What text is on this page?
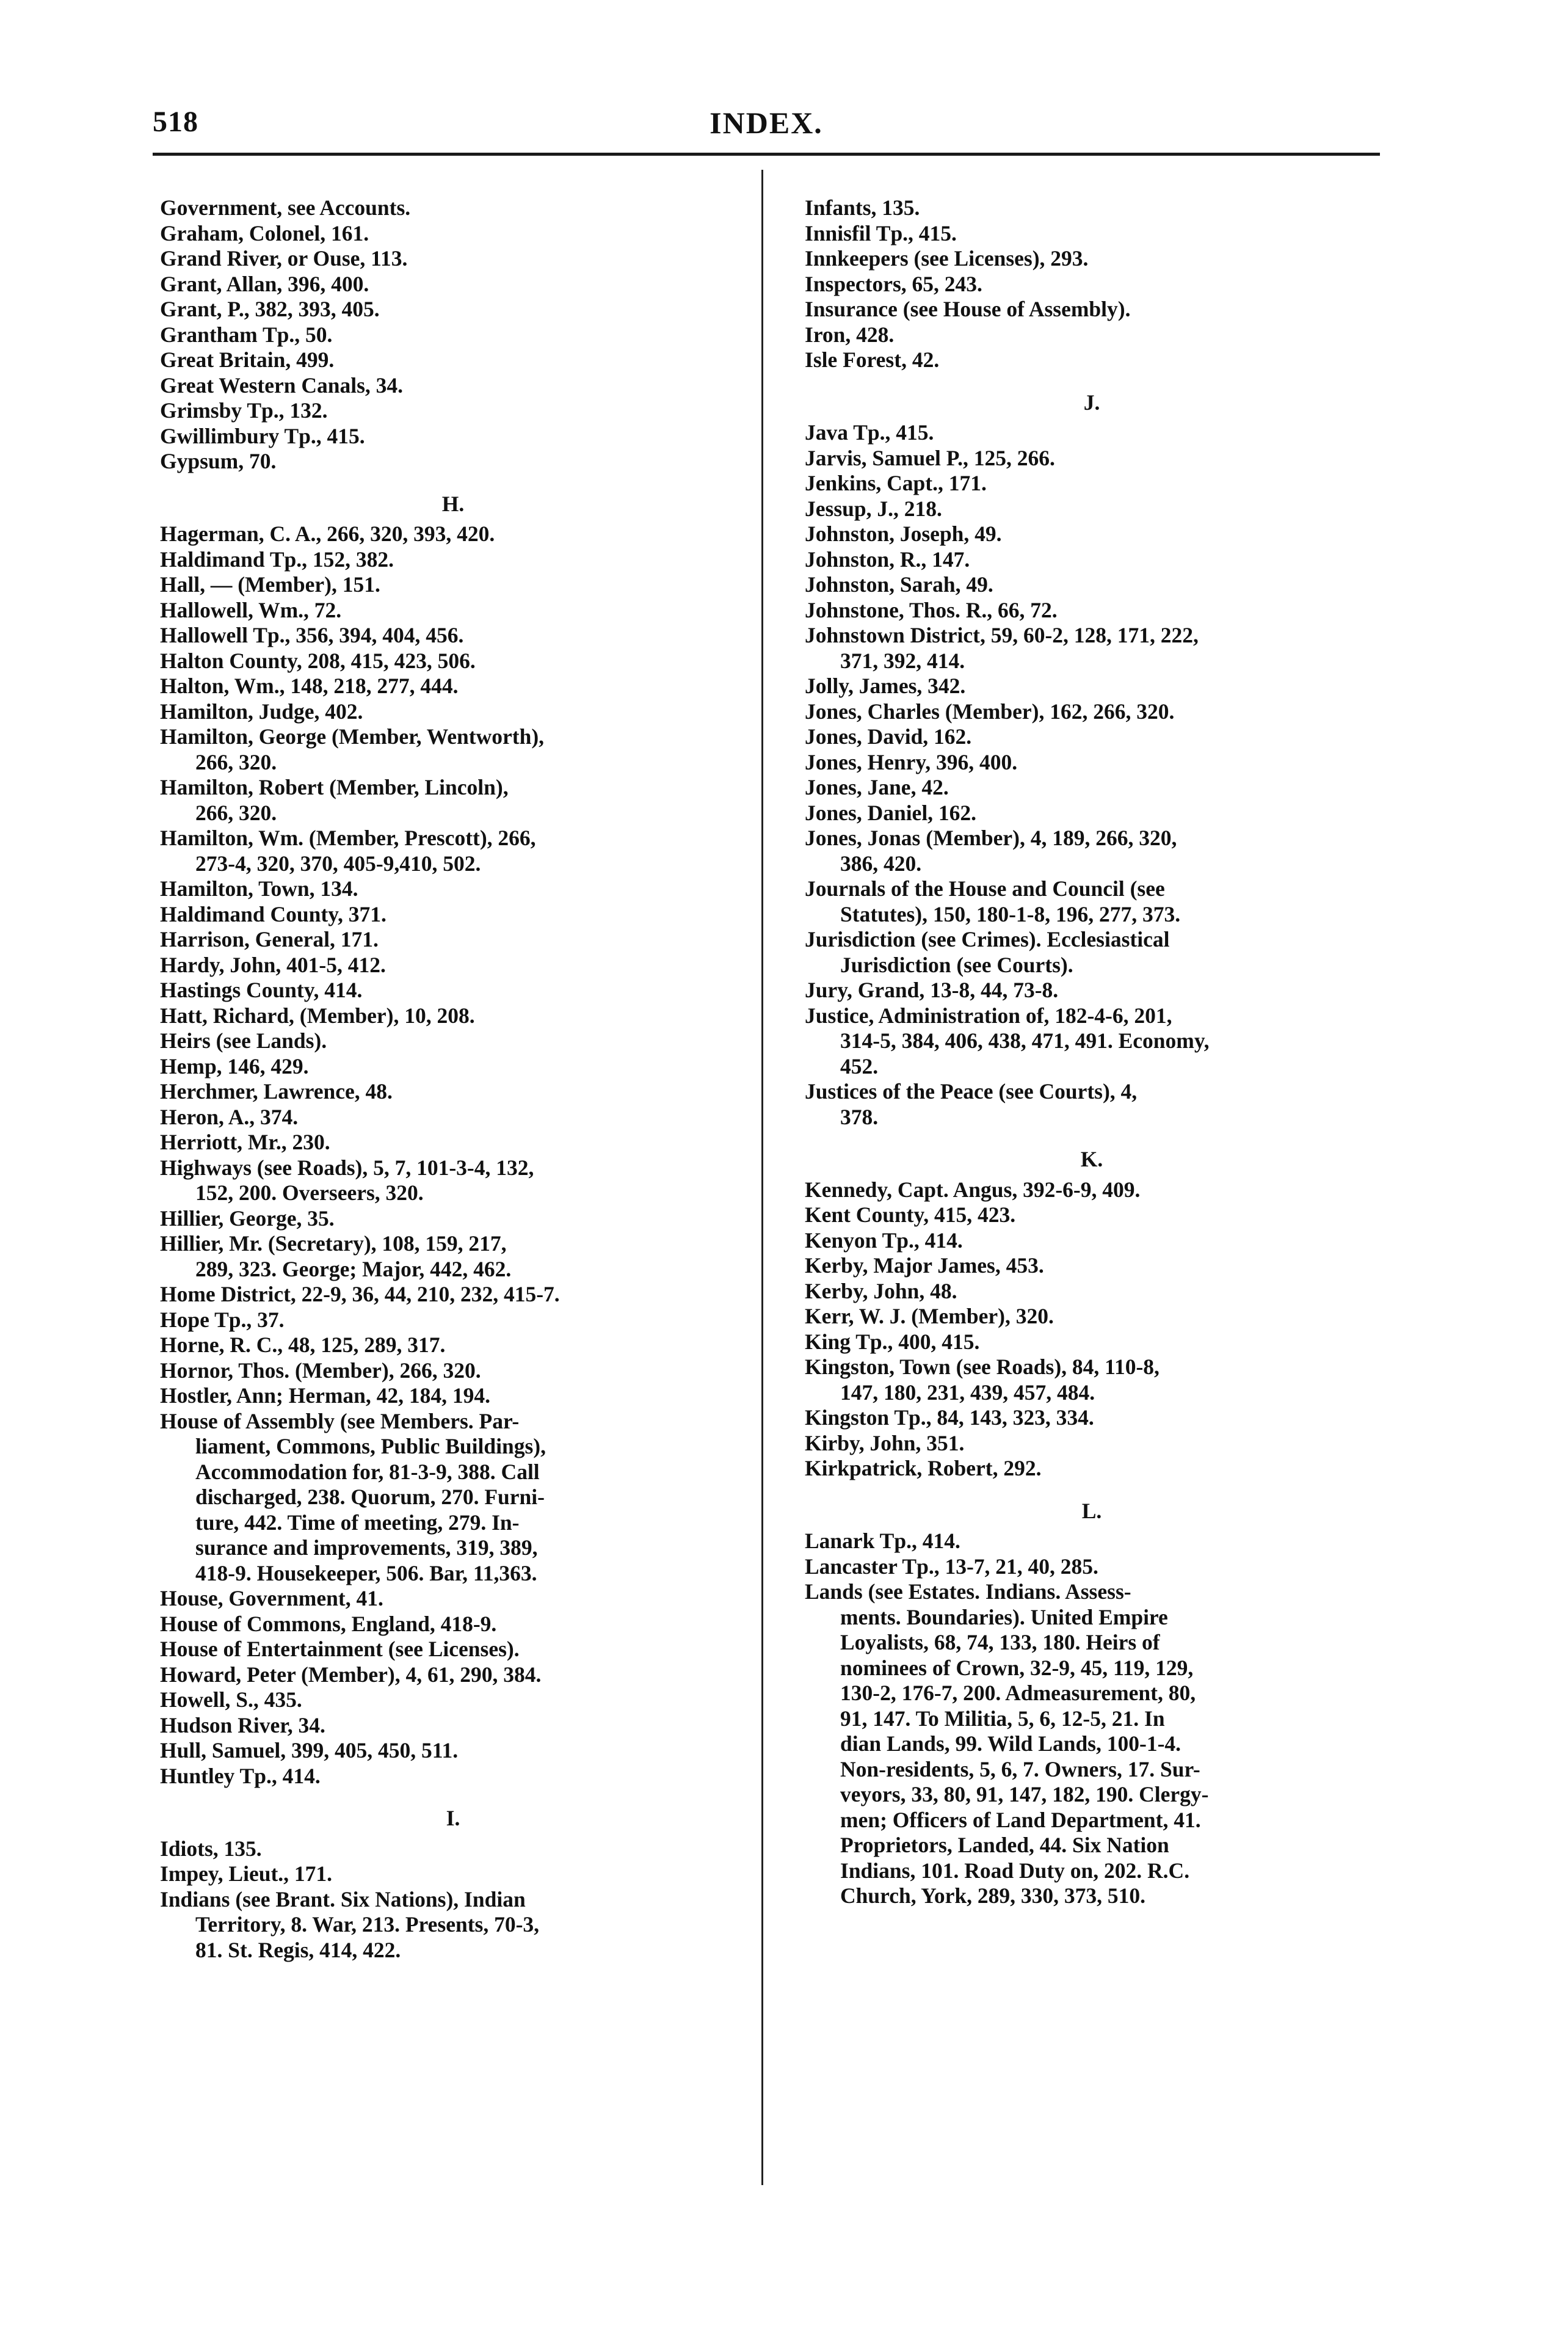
518	INDEX.
Government, see Accounts.
Graham, Colonel, 161.
Grand River, or Ouse, 113.
Grant, Allan, 396, 400.
Grant, P., 382, 393, 405.
Grantham Tp., 50.
Great Britain, 499.
Great Western Canals, 34.
Grimsby Tp., 132.
Gwillimbury Tp., 415.
Gypsum, 70.
H.
Hagerman, C. A., 266, 320, 393, 420.
Haldimand Tp., 152, 382.
Hall, — (Member), 151.
Hallowell, Wm., 72.
Hallowell Tp., 356, 394, 404, 456.
Halton County, 208, 415, 423, 506.
Halton, Wm., 148, 218, 277, 444.
Hamilton, Judge, 402.
Hamilton, George (Member, Wentworth),
266, 320.
Hamilton, Robert (Member, Lincoln),
266, 320.
Hamilton, Wm. (Member, Prescott), 266,
273-4, 320, 370, 405-9,410, 502.
Hamilton, Town, 134.
Haldimand County, 371.
Harrison, General, 171.
Hardy, John, 401-5, 412.
Hastings County, 414.
Hatt, Richard, (Member), 10, 208.
Heirs (see Lands).
Hemp, 146, 429.
Herchmer, Lawrence, 48.
Heron, A., 374.
Herriott, Mr., 230.
Highways (see Roads), 5, 7, 101-3-4, 132,
152, 200. Overseers, 320.
Hillier, George, 35.
Hillier, Mr. (Secretary), 108, 159, 217,
289, 323. George; Major, 442, 462.
Home District, 22-9, 36, 44, 210, 232, 415-7.
Hope Tp., 37.
Horne, R. C., 48, 125, 289, 317.
Hornor, Thos. (Member), 266, 320.
Hostler, Ann; Herman, 42, 184, 194.
House of Assembly (see Members. Par-
liament, Commons, Public Buildings),
Accommodation for, 81-3-9, 388. Call
discharged, 238. Quorum, 270. Furni-
ture, 442. Time of meeting, 279. In-
surance and improvements, 319, 389,
418-9. Housekeeper, 506. Bar, 11,363.
House, Government, 41.
House of Commons, England, 418-9.
House of Entertainment (see Licenses).
Howard, Peter (Member), 4, 61, 290, 384.
Howell, S., 435.
Hudson River, 34.
Hull, Samuel, 399, 405, 450, 511.
Huntley Tp., 414.
I.
Idiots, 135.
Impey, Lieut., 171.
Indians (see Brant. Six Nations), Indian
Territory, 8. War, 213. Presents, 70-3,
81. St. Regis, 414, 422.
Infants, 135.
Innisfil Tp., 415.
Innkeepers (see Licenses), 293.
Inspectors, 65, 243.
Insurance (see House of Assembly).
Iron, 428.
Isle Forest, 42.
J.
Java Tp., 415.
Jarvis, Samuel P., 125, 266.
Jenkins, Capt., 171.
Jessup, J., 218.
Johnston, Joseph, 49.
Johnston, R., 147.
Johnston, Sarah, 49.
Johnstone, Thos. R., 66, 72.
Johnstown District, 59, 60-2, 128, 171, 222,
371, 392, 414.
Jolly, James, 342.
Jones, Charles (Member), 162, 266, 320.
Jones, David, 162.
Jones, Henry, 396, 400.
Jones, Jane, 42.
Jones, Daniel, 162.
Jones, Jonas (Member), 4, 189, 266, 320,
386, 420.
Journals of the House and Council (see
Statutes), 150, 180-1-8, 196, 277, 373.
Jurisdiction (see Crimes). Ecclesiastical
Jurisdiction (see Courts).
Jury, Grand, 13-8, 44, 73-8.
Justice, Administration of, 182-4-6, 201,
314-5, 384, 406, 438, 471, 491. Economy,
452.
Justices of the Peace (see Courts), 4,
378.
K.
Kennedy, Capt. Angus, 392-6-9, 409.
Kent County, 415, 423.
Kenyon Tp., 414.
Kerby, Major James, 453.
Kerby, John, 48.
Kerr, W. J. (Member), 320.
King Tp., 400, 415.
Kingston, Town (see Roads), 84, 110-8,
147, 180, 231, 439, 457, 484.
Kingston Tp., 84, 143, 323, 334.
Kirby, John, 351.
Kirkpatrick, Robert, 292.
L.
Lanark Tp., 414.
Lancaster Tp., 13-7, 21, 40, 285.
Lands (see Estates. Indians. Assess-
ments. Boundaries). United Empire
Loyalists, 68, 74, 133, 180. Heirs of
nominees of Crown, 32-9, 45, 119, 129,
130-2, 176-7, 200. Admeasurement, 80,
91, 147. To Militia, 5, 6, 12-5, 21. In
dian Lands, 99. Wild Lands, 100-1-4.
Non-residents, 5, 6, 7. Owners, 17. Sur-
veyors, 33, 80, 91, 147, 182, 190. Clergy-
men; Officers of Land Department, 41.
Proprietors, Landed, 44. Six Nation
Indians, 101. Road Duty on, 202. R.C.
Church, York, 289, 330, 373, 510.
